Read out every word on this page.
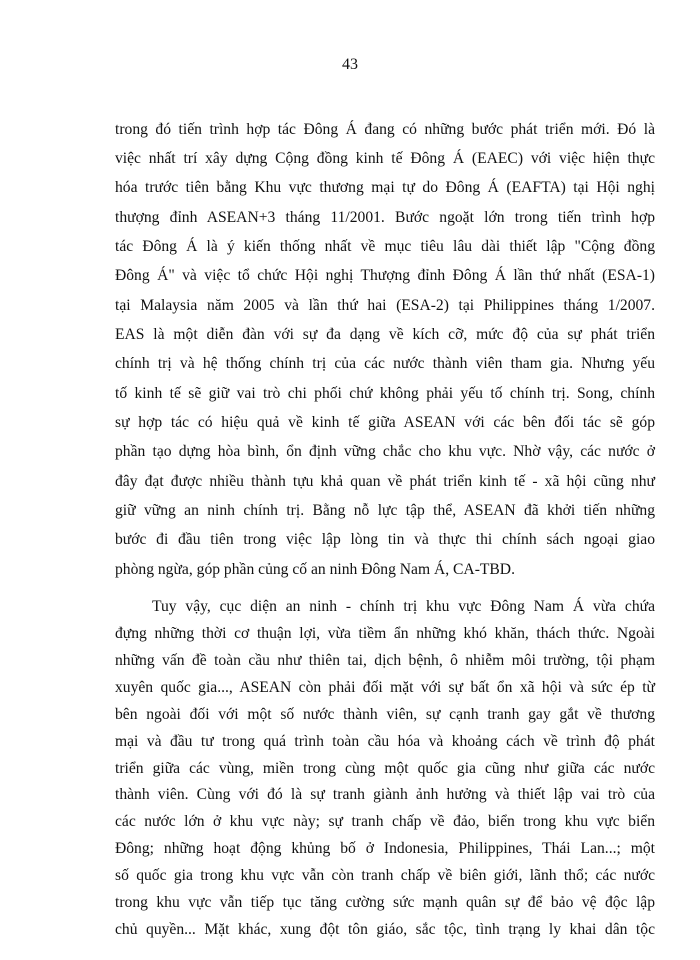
43
trong đó tiến trình hợp tác Đông Á đang có những bước phát triển mới. Đó là
việc nhất trí xây dựng Cộng đồng kinh tế Đông Á (EAEC) với việc hiện thực
hóa trước tiên bằng Khu vực thương mại tự do Đông Á (EAFTA) tại Hội nghị
thượng đỉnh ASEAN+3 tháng 11/2001. Bước ngoặt lớn trong tiến trình hợp
tác Đông Á là ý kiến thống nhất về mục tiêu lâu dài thiết lập "Cộng đồng
Đông Á" và việc tổ chức Hội nghị Thượng đỉnh Đông Á lần thứ nhất (ESA-1)
tại Malaysia năm 2005 và lần thứ hai (ESA-2) tại Philippines tháng 1/2007.
EAS là một diễn đàn với sự đa dạng về kích cỡ, mức độ của sự phát triển
chính trị và hệ thống chính trị của các nước thành viên tham gia. Nhưng yếu
tố kinh tế sẽ giữ vai trò chi phối chứ không phải yếu tố chính trị. Song, chính
sự hợp tác có hiệu quả về kinh tế giữa ASEAN với các bên đối tác sẽ góp
phần tạo dựng hòa bình, ổn định vững chắc cho khu vực. Nhờ vậy, các nước ở
đây đạt được nhiều thành tựu khả quan về phát triển kinh tế - xã hội cũng như
giữ vững an ninh chính trị. Bằng nỗ lực tập thể, ASEAN đã khởi tiến những
bước đi đầu tiên trong việc lập lòng tin và thực thi chính sách ngoại giao
phòng ngừa, góp phần củng cố an ninh Đông Nam Á, CA-TBD.
Tuy vậy, cục diện an ninh - chính trị khu vực Đông Nam Á vừa chứa
đựng những thời cơ thuận lợi, vừa tiềm ẩn những khó khăn, thách thức. Ngoài
những vấn đề toàn cầu như thiên tai, dịch bệnh, ô nhiễm môi trường, tội phạm
xuyên quốc gia..., ASEAN còn phải đối mặt với sự bất ổn xã hội và sức ép từ
bên ngoài đối với một số nước thành viên, sự cạnh tranh gay gắt về thương
mại và đầu tư trong quá trình toàn cầu hóa và khoảng cách về trình độ phát
triển giữa các vùng, miền trong cùng một quốc gia cũng như giữa các nước
thành viên. Cùng với đó là sự tranh giành ảnh hưởng và thiết lập vai trò của
các nước lớn ở khu vực này; sự tranh chấp về đảo, biển trong khu vực biển
Đông; những hoạt động khủng bố ở Indonesia, Philippines, Thái Lan...; một
số quốc gia trong khu vực vẫn còn tranh chấp về biên giới, lãnh thổ; các nước
trong khu vực vẫn tiếp tục tăng cường sức mạnh quân sự để bảo vệ độc lập
chủ quyền... Mặt khác, xung đột tôn giáo, sắc tộc, tình trạng ly khai dân tộc
